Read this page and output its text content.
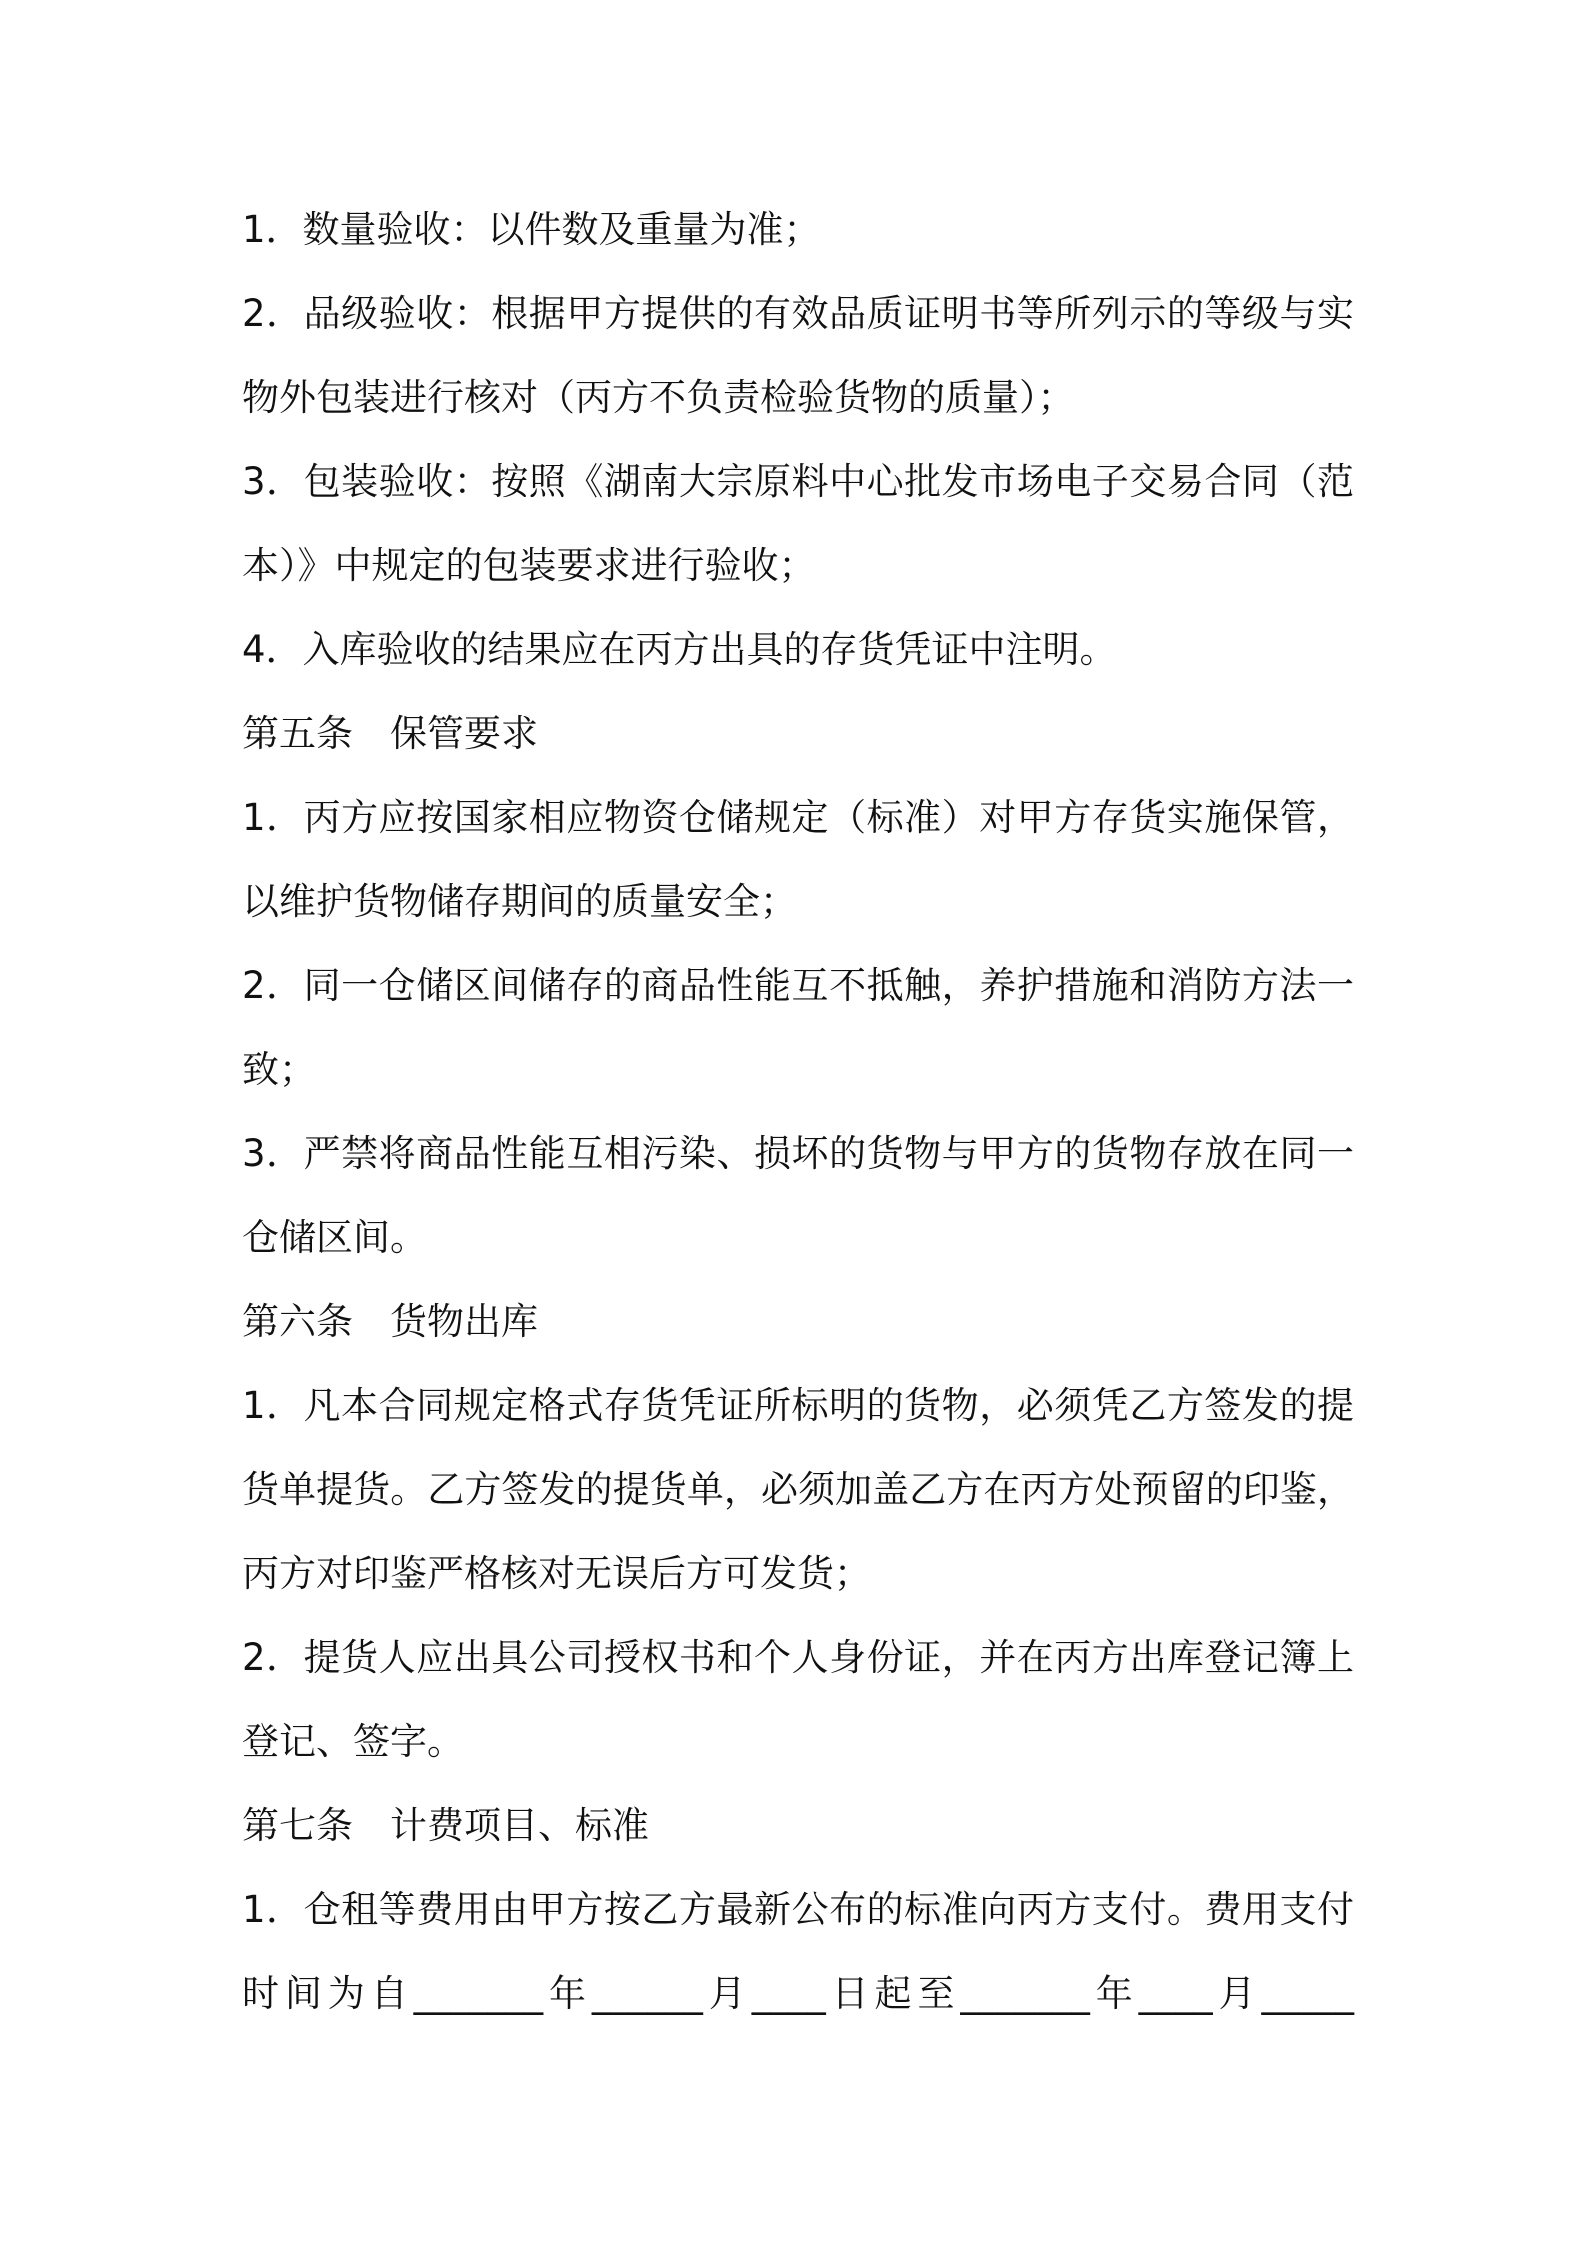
1．数量验收：以件数及重量为准；
2．品级验收：根据甲方提供的有效品质证明书等所列示的等级与实
物外包装进行核对（丙方不负责检验货物的质量）；
3．包装验收：按照《湖南大宗原料中心批发市场电子交易合同（范
本）》中规定的包装要求进行验收；
4．入库验收的结果应在丙方出具的存货凭证中注明。
第五条　保管要求
1．丙方应按国家相应物资仓储规定（标准）对甲方存货实施保管，
以维护货物储存期间的质量安全；
2．同一仓储区间储存的商品性能互不抵触，养护措施和消防方法一
致；
3．严禁将商品性能互相污染、损坏的货物与甲方的货物存放在同一
仓储区间。
第六条　货物出库
1．凡本合同规定格式存货凭证所标明的货物，必须凭乙方签发的提
货单提货。乙方签发的提货单，必须加盖乙方在丙方处预留的印鉴，
丙方对印鉴严格核对无误后方可发货；
2．提货人应出具公司授权书和个人身份证，并在丙方出库登记簿上
登记、签字。
第七条　计费项目、标准
1．仓租等费用由甲方按乙方最新公布的标准向丙方支付。费用支付
时间为自_______年______月____日起至_______年____月_____
